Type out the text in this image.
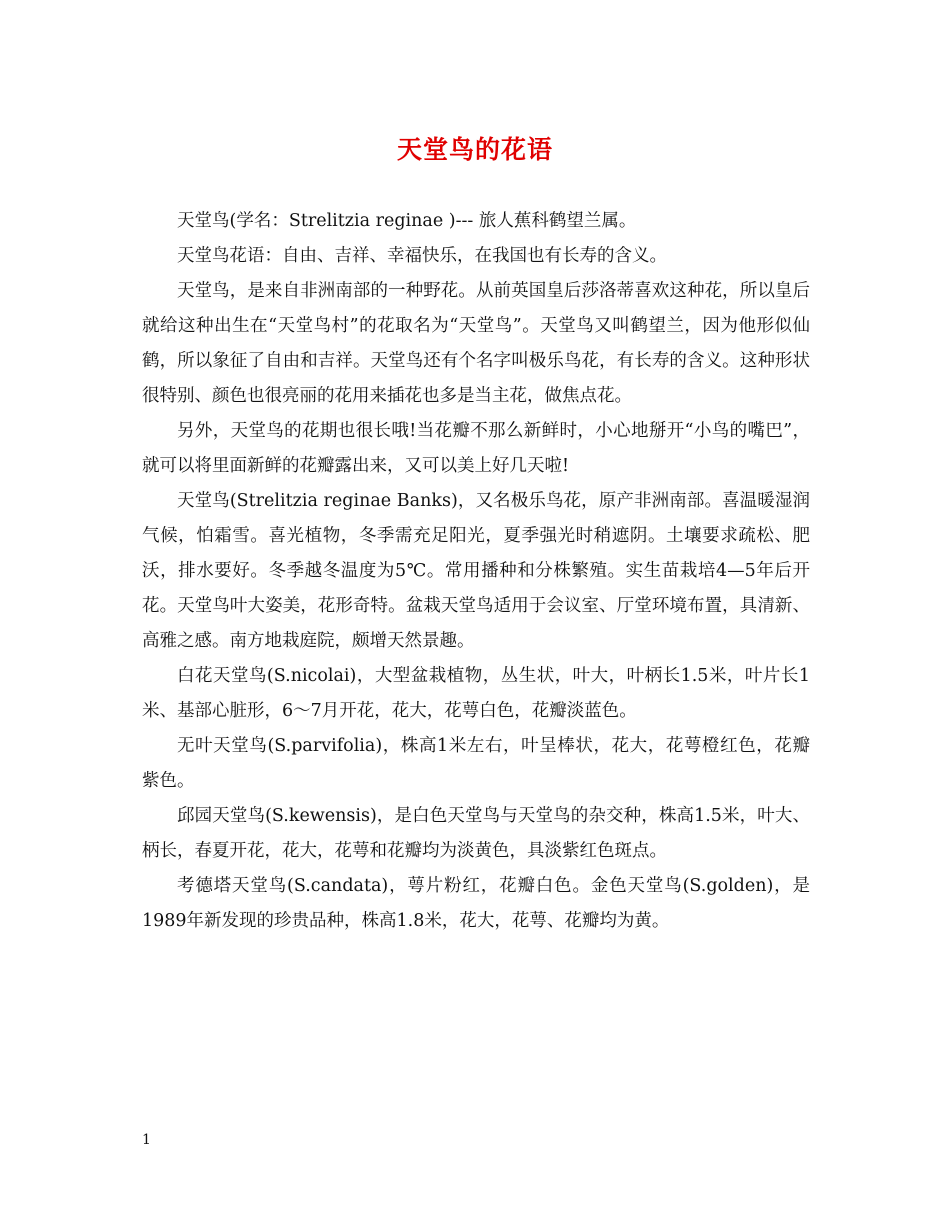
天堂鸟的花语

天堂鸟(学名：Strelitzia reginae )--- 旅人蕉科鹤望兰属。

天堂鸟花语：自由、吉祥、幸福快乐，在我国也有长寿的含义。

天堂鸟，是来自非洲南部的一种野花。从前英国皇后莎洛蒂喜欢这种花，所以皇后就给这种出生在“天堂鸟村”的花取名为“天堂鸟”。天堂鸟又叫鹤望兰，因为他形似仙鹤，所以象征了自由和吉祥。天堂鸟还有个名字叫极乐鸟花，有长寿的含义。这种形状很特别、颜色也很亮丽的花用来插花也多是当主花，做焦点花。

另外，天堂鸟的花期也很长哦!当花瓣不那么新鲜时，小心地掰开“小鸟的嘴巴”，就可以将里面新鲜的花瓣露出来，又可以美上好几天啦!

天堂鸟(Strelitzia reginae Banks)，又名极乐鸟花，原产非洲南部。喜温暖湿润气候，怕霜雪。喜光植物，冬季需充足阳光，夏季强光时稍遮阴。土壤要求疏松、肥沃，排水要好。冬季越冬温度为5℃。常用播种和分株繁殖。实生苗栽培4—5年后开花。天堂鸟叶大姿美，花形奇特。盆栽天堂鸟适用于会议室、厅堂环境布置，具清新、高雅之感。南方地栽庭院，颇增天然景趣。

白花天堂鸟(S.nicolai)，大型盆栽植物，丛生状，叶大，叶柄长1.5米，叶片长1米、基部心脏形，6～7月开花，花大，花萼白色，花瓣淡蓝色。

无叶天堂鸟(S.parvifolia)，株高1米左右，叶呈棒状，花大，花萼橙红色，花瓣紫色。

邱园天堂鸟(S.kewensis)，是白色天堂鸟与天堂鸟的杂交种，株高1.5米，叶大、柄长，春夏开花，花大，花萼和花瓣均为淡黄色，具淡紫红色斑点。

考德塔天堂鸟(S.candata)，萼片粉红，花瓣白色。金色天堂鸟(S.golden)，是1989年新发现的珍贵品种，株高1.8米，花大，花萼、花瓣均为黄。

1
